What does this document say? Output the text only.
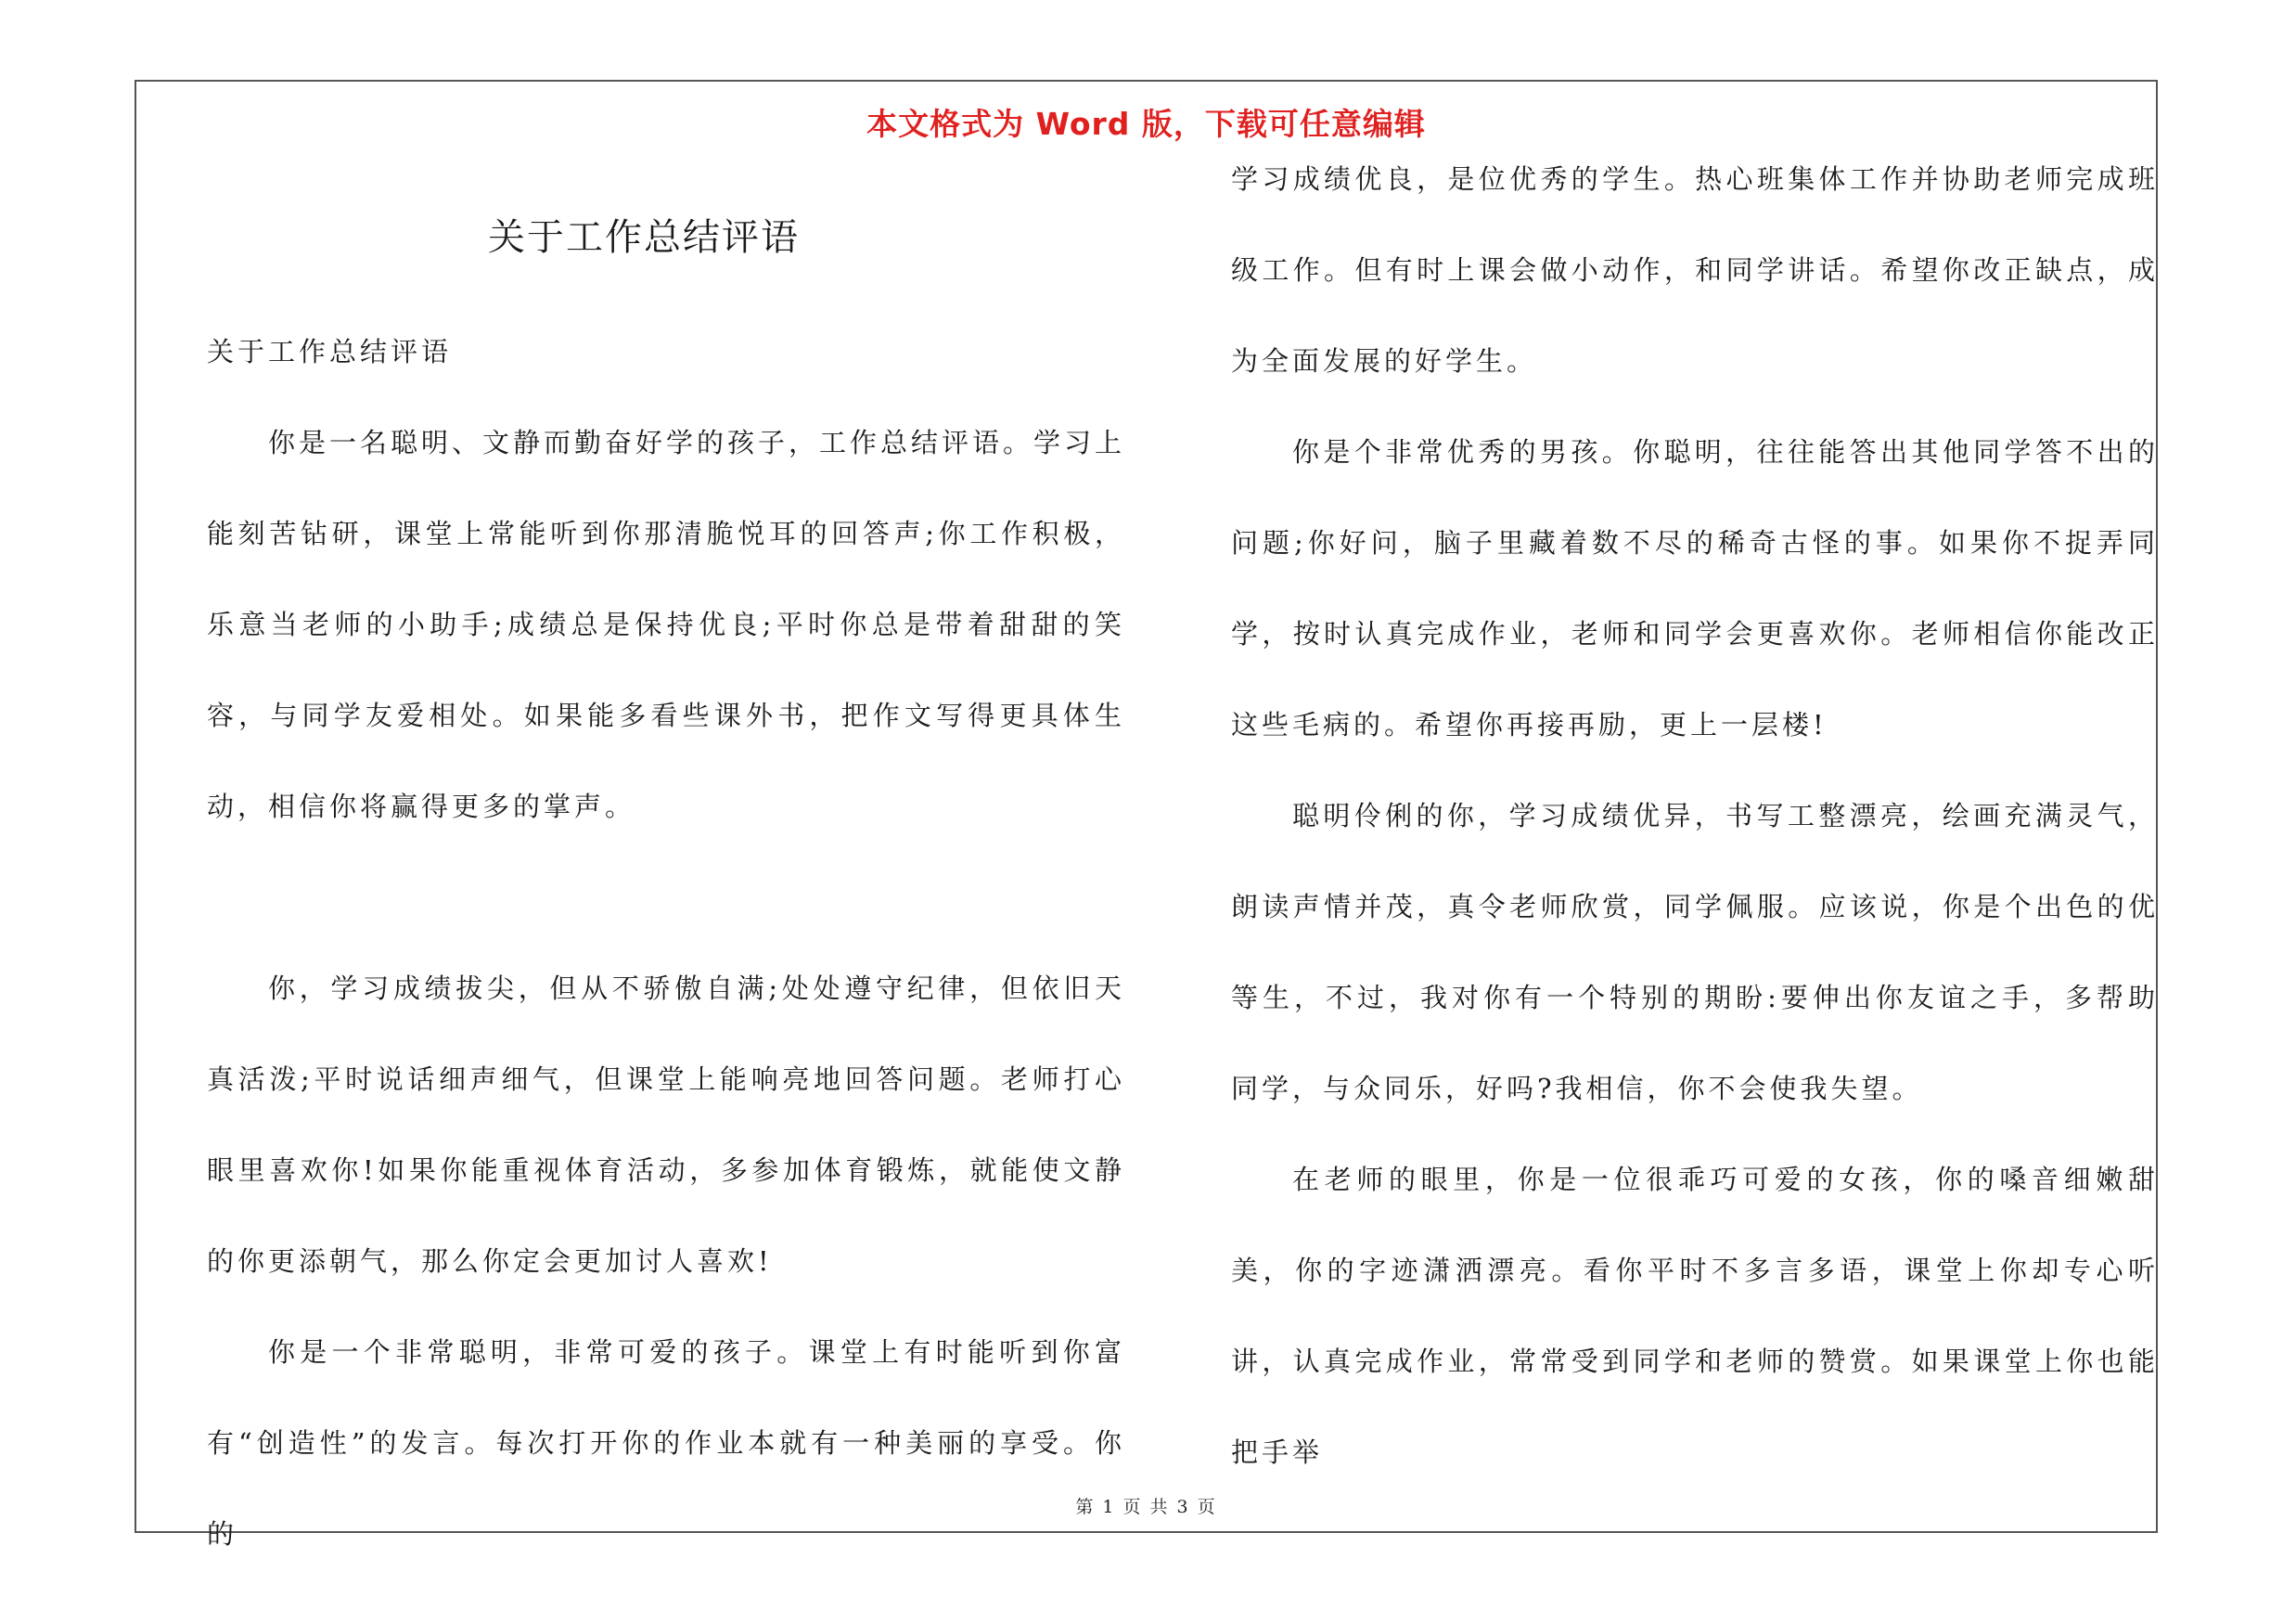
本文格式为 Word 版，下载可任意编辑
关于工作总结评语

关于工作总结评语

你是一名聪明、文静而勤奋好学的孩子，工作总结评语。学习上能刻苦钻研，课堂上常能听到你那清脆悦耳的回答声;你工作积极，乐意当老师的小助手;成绩总是保持优良;平时你总是带着甜甜的笑容，与同学友爱相处。如果能多看些课外书，把作文写得更具体生动，相信你将赢得更多的掌声。

你，学习成绩拔尖，但从不骄傲自满;处处遵守纪律，但依旧天真活泼;平时说话细声细气，但课堂上能响亮地回答问题。老师打心眼里喜欢你!如果你能重视体育活动，多参加体育锻炼，就能使文静的你更添朝气，那么你定会更加讨人喜欢!

你是一个非常聪明，非常可爱的孩子。课堂上有时能听到你富有“创造性”的发言。每次打开你的作业本就有一种美丽的享受。你的

学习成绩优良，是位优秀的学生。热心班集体工作并协助老师完成班级工作。但有时上课会做小动作，和同学讲话。希望你改正缺点，成为全面发展的好学生。

你是个非常优秀的男孩。你聪明，往往能答出其他同学答不出的问题;你好问，脑子里藏着数不尽的稀奇古怪的事。如果你不捉弄同学，按时认真完成作业，老师和同学会更喜欢你。老师相信你能改正这些毛病的。希望你再接再励，更上一层楼!

聪明伶俐的你，学习成绩优异，书写工整漂亮，绘画充满灵气，朗读声情并茂，真令老师欣赏，同学佩服。应该说，你是个出色的优等生，不过，我对你有一个特别的期盼:要伸出你友谊之手，多帮助同学，与众同乐，好吗?我相信，你不会使我失望。

在老师的眼里，你是一位很乖巧可爱的女孩，你的嗓音细嫩甜美，你的字迹潇洒漂亮。看你平时不多言多语，课堂上你却专心听讲，认真完成作业，常常受到同学和老师的赞赏。如果课堂上你也能把手举

第 1 页 共 3 页
